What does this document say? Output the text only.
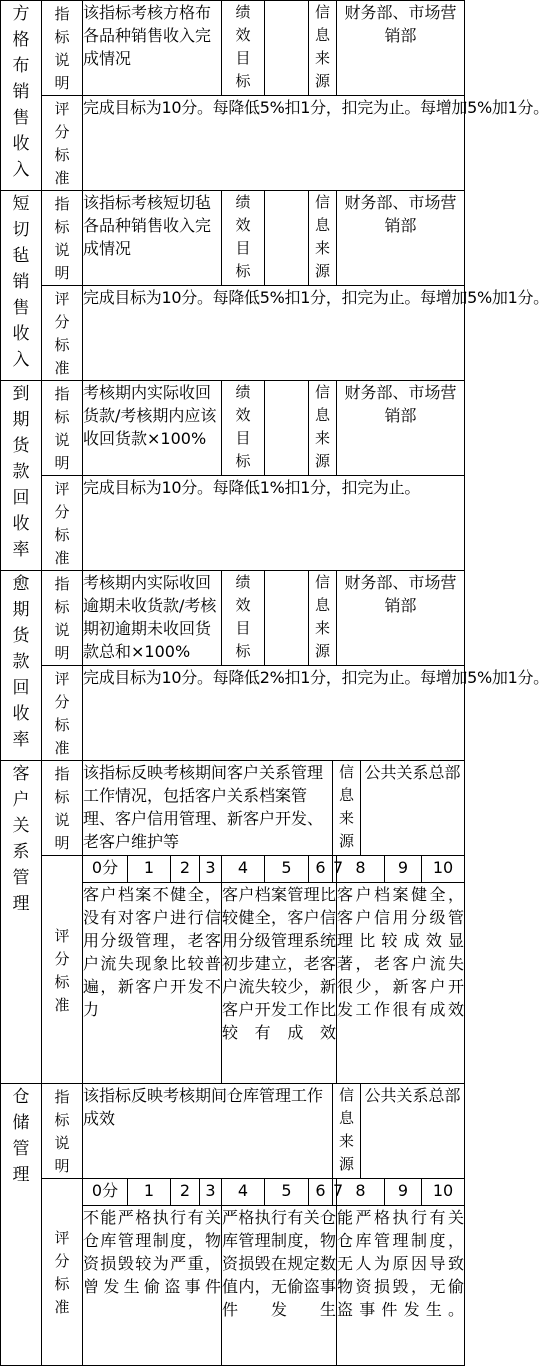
方格布销售收入	指标说明	该指标考核方格布各品种销售收入完成情况				绩效目标		信息来源		财务部、市场营销部			

	评分标准	完成目标为10分。每降低5%扣1分，扣完为止。每增加5%加1分。											
短切毡销售收入	指标说明	该指标考核短切毡各品种销售收入完成情况				绩效目标		信息来源		财务部、市场营销部			

	评分标准	完成目标为10分。每降低5%扣1分，扣完为止。每增加5%加1分。											
到期货款回收率	指标说明	考核期内实际收回货款/考核期内应该收回货款×100%				绩效目标		信息来源		财务部、市场营销部			

	评分标准	完成目标为10分。每降低1%扣1分，扣完为止。											
愈期货款回收率	指标说明	考核期内实际收回逾期未收货款/考核期初逾期未收回货款总和×100%				绩效目标		信息来源		财务部、市场营销部			

	评分标准	完成目标为10分。每降低2%扣1分，扣完为止。每增加5%加1分。											
客户关系管理	指标说明	该指标反映考核期间客户关系管理工作情况，包括客户关系档案管理、客户信用管理、新客户开发、老客户维护等							信息来源		公共关系总部		

	评分标准	0分	1	2	3	4	5	6	7	8		9	10
		客户档案不健全，没有对客户进行信用分级管理，老客户流失现象比较普遍，新客户开发不力				客户档案管理比较健全，客户信用分级管理系统初步建立，老客户流失较少，新客户开发工作比较有成效				客户档案健全，客户信用分级管理比较成效显著，老客户流失很少，新客户开发工作很有成效			
仓储管理	指标说明	该指标反映考核期间仓库管理工作成效							信息来源		公共关系总部		

	评分标准	0分	1	2	3	4	5	6	7	8		9	10
		不能严格执行有关仓库管理制度，物资损毁较为严重，曾发生偷盗事件				严格执行有关仓库管理制度，物资损毁在规定数值内，无偷盗事件发生				能严格执行有关仓库管理制度，无人为原因导致物资损毁，无偷盗事件发生。			
